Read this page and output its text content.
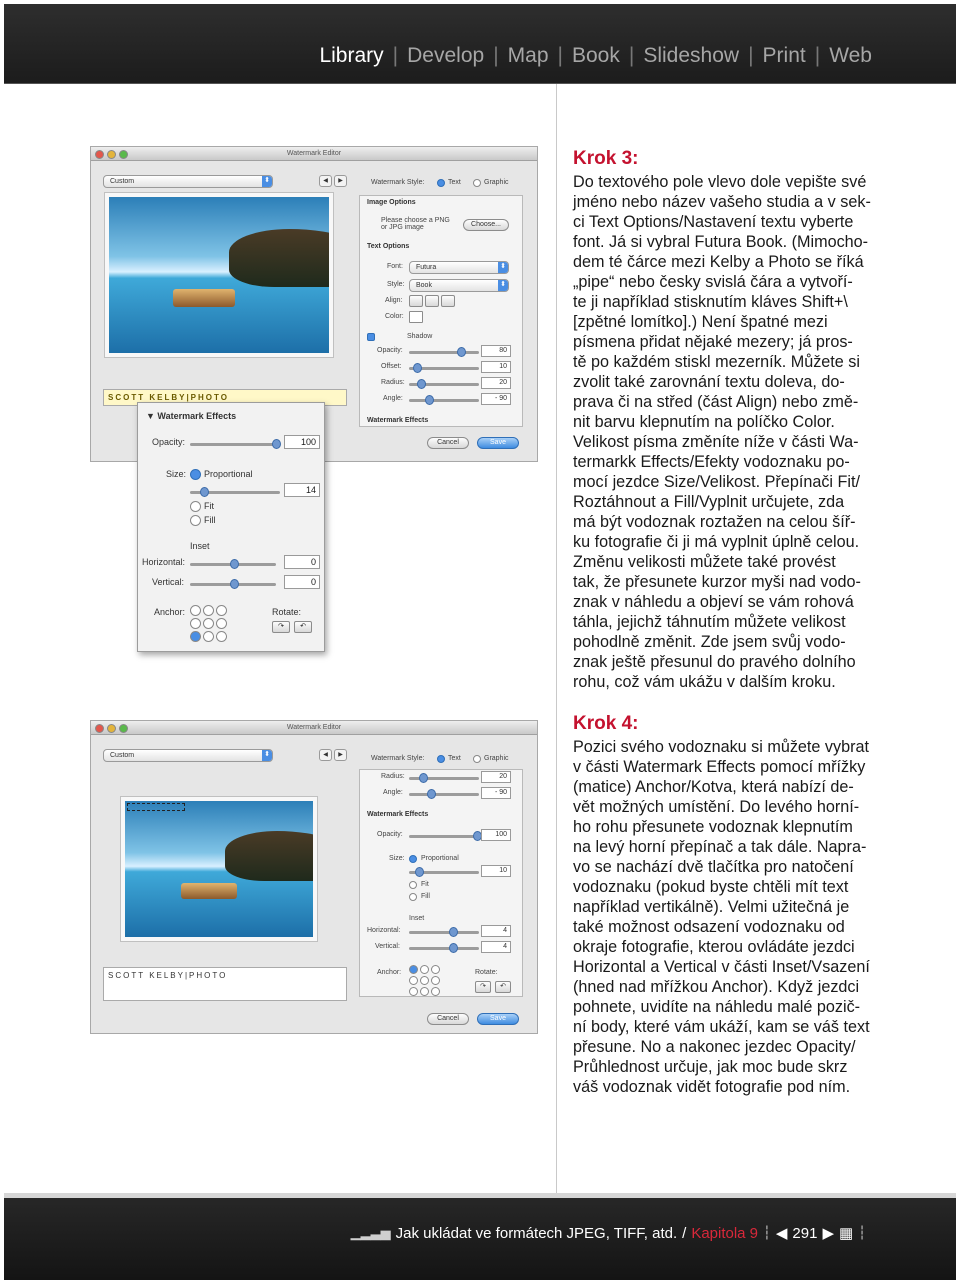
Library | Develop | Map | Book | Slideshow | Print | Web
Watermark Editor
Custom ⬍	◀	▶	Watermark Style:	Text	Graphic
Image Options
Please choose a PNG or JPG image	Choose...
Text Options
Font:	Futura ⬍
Style:	Book ⬍
Align:
Color:
Shadow
Opacity:	80
Offset:	10
Radius:	20
Angle:	- 90
Watermark Effects
SCOTT KELBY|PHOTO
Cancel	Save
▼ Watermark Effects
Opacity:	100
Size: Proportional
14
Fit
Fill
Inset
Horizontal:	0
Vertical:	0
Anchor:	Rotate:
↷	↶
Watermark Editor
Custom ⬍	◀	▶	Watermark Style:	Text	Graphic
Radius:	20
Angle:	- 90
Watermark Effects
Opacity:	100
Size: Proportional
10
Fit
Fill
Inset
Horizontal:	4
Vertical:	4
Anchor:	Rotate:
↷	↶
SCOTT KELBY|PHOTO
Cancel	Save
Krok 3:
Do textového pole vlevo dole vepište své
jméno nebo název vašeho studia a v sek-
ci Text Options/Nastavení textu vyberte
font. Já si vybral Futura Book. (Mimocho-
dem té čárce mezi Kelby a Photo se říká
„pipe“ nebo česky svislá čára a vytvoří-
te ji například stisknutím kláves Shift+\
[zpětné lomítko].) Není špatné mezi
písmena přidat nějaké mezery; já pros-
tě po každém stiskl mezerník. Můžete si
zvolit také zarovnání textu doleva, do-
prava či na střed (část Align) nebo změ-
nit barvu klepnutím na políčko Color.
Velikost písma změníte níže v části Wa-
termarkk Effects/Efekty vodoznaku po-
mocí jezdce Size/Velikost. Přepínači Fit/
Roztáhnout a Fill/Vyplnit určujete, zda
má být vodoznak roztažen na celou šíř-
ku fotografie či ji má vyplnit úplně celou.
Změnu velikosti můžete také provést
tak, že přesunete kurzor myši nad vodo-
znak v náhledu a objeví se vám rohová
táhla, jejichž táhnutím můžete velikost
pohodlně změnit. Zde jsem svůj vodo-
znak ještě přesunul do pravého dolního
rohu, což vám ukážu v dalším kroku.
Krok 4:
Pozici svého vodoznaku si můžete vybrat
v části Watermark Effects pomocí mřížky
(matice) Anchor/Kotva, která nabízí de-
vět možných umístění. Do levého horní-
ho rohu přesunete vodoznak klepnutím
na levý horní přepínač a tak dále. Napra-
vo se nachází dvě tlačítka pro natočení
vodoznaku (pokud byste chtěli mít text
například vertikálně). Velmi užitečná je
také možnost odsazení vodoznaku od
okraje fotografie, kterou ovládáte jezdci
Horizontal a Vertical v části Inset/Vsazení
(hned nad mřížkou Anchor). Když jezdci
pohnete, uvidíte na náhledu malé pozič-
ní body, které vám ukáží, kam se váš text
přesune. No a nakonec jezdec Opacity/
Průhlednost určuje, jak moc bude skrz
váš vodoznak vidět fotografie pod ním.
▁▂▃▅ Jak ukládat ve formátech JPEG, TIFF, atd. / Kapitola 9 ┆ ◀ 291 ▶ ▦ ┆
